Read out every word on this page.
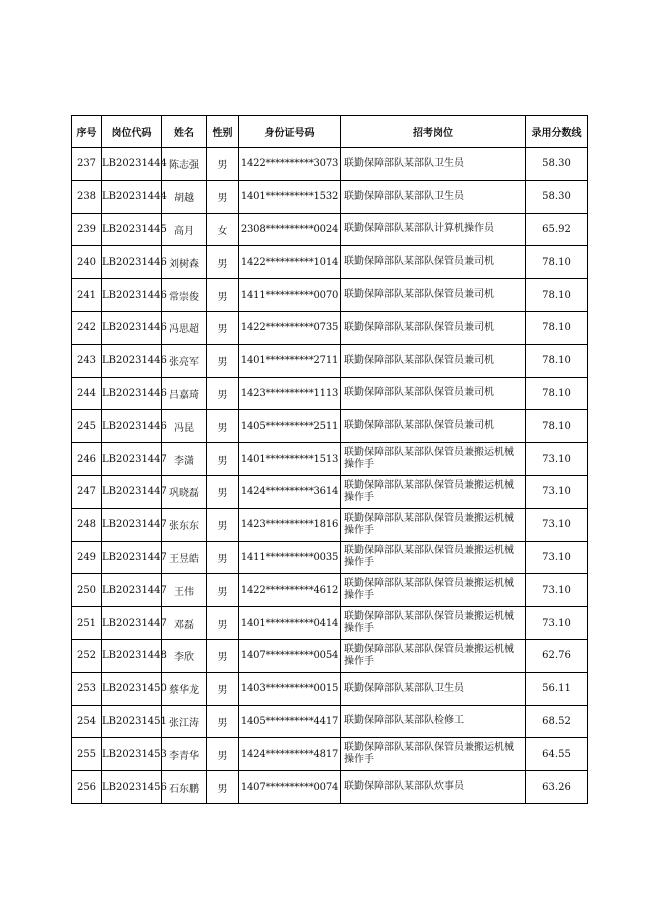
序号	岗位代码	姓名	性别	身份证号码	招考岗位	录用分数线
237	LB20231444	陈志强	男	1422**********3073	联勤保障部队某部队卫生员	58.30
238	LB20231444	胡越	男	1401**********1532	联勤保障部队某部队卫生员	58.30
239	LB20231445	高月	女	2308**********0024	联勤保障部队某部队计算机操作员	65.92
240	LB20231446	刘树森	男	1422**********1014	联勤保障部队某部队保管员兼司机	78.10
241	LB20231446	常崇俊	男	1411**********0070	联勤保障部队某部队保管员兼司机	78.10
242	LB20231446	冯思超	男	1422**********0735	联勤保障部队某部队保管员兼司机	78.10
243	LB20231446	张亮军	男	1401**********2711	联勤保障部队某部队保管员兼司机	78.10
244	LB20231446	吕嘉琦	男	1423**********1113	联勤保障部队某部队保管员兼司机	78.10
245	LB20231446	冯昆	男	1405**********2511	联勤保障部队某部队保管员兼司机	78.10
246	LB20231447	李潇	男	1401**********1513	联勤保障部队某部队保管员兼搬运机械操作手	73.10
247	LB20231447	巩晓磊	男	1424**********3614	联勤保障部队某部队保管员兼搬运机械操作手	73.10
248	LB20231447	张东东	男	1423**********1816	联勤保障部队某部队保管员兼搬运机械操作手	73.10
249	LB20231447	王昱皓	男	1411**********0035	联勤保障部队某部队保管员兼搬运机械操作手	73.10
250	LB20231447	王伟	男	1422**********4612	联勤保障部队某部队保管员兼搬运机械操作手	73.10
251	LB20231447	邓磊	男	1401**********0414	联勤保障部队某部队保管员兼搬运机械操作手	73.10
252	LB20231448	李欣	男	1407**********0054	联勤保障部队某部队保管员兼搬运机械操作手	62.76
253	LB20231450	蔡华龙	男	1403**********0015	联勤保障部队某部队卫生员	56.11
254	LB20231451	张江涛	男	1405**********4417	联勤保障部队某部队检修工	68.52
255	LB20231453	李青华	男	1424**********4817	联勤保障部队某部队保管员兼搬运机械操作手	64.55
256	LB20231456	石东鹏	男	1407**********0074	联勤保障部队某部队炊事员	63.26
